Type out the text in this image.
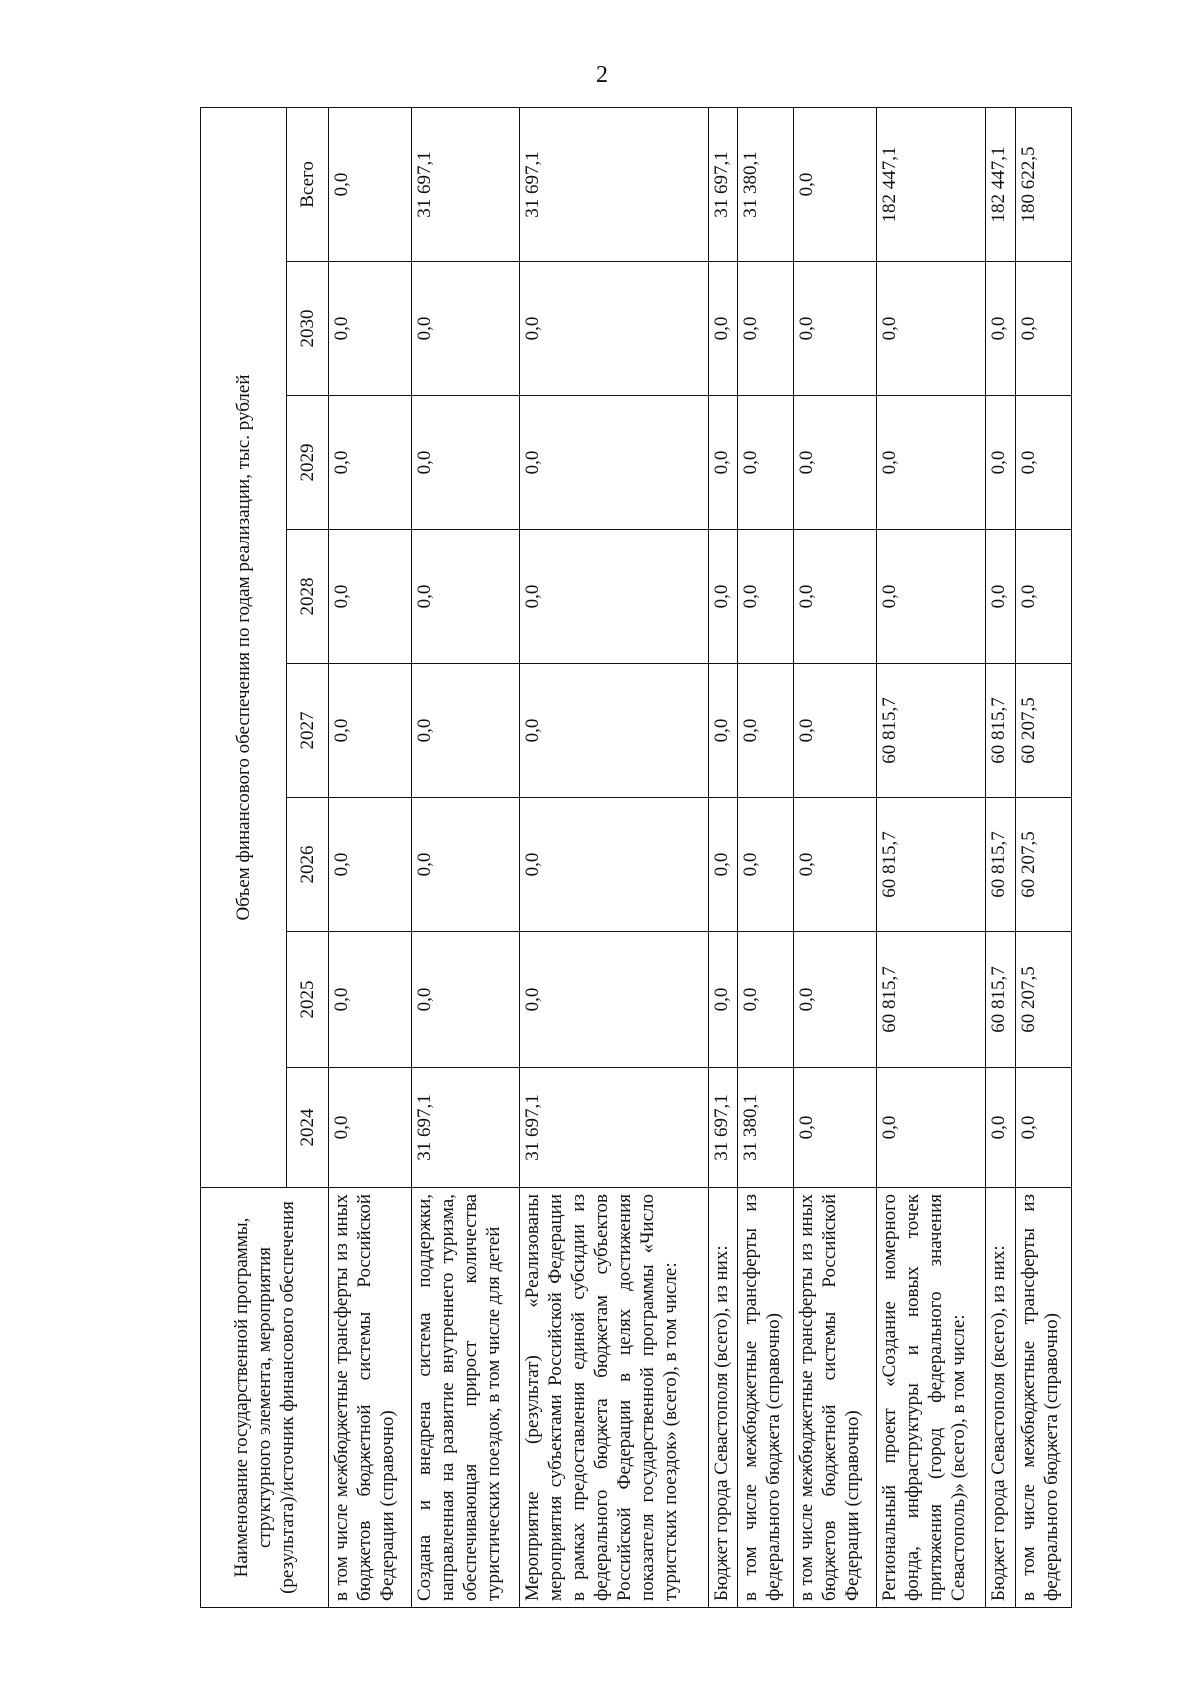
2
Наименование государственной программы, структурного элемента, мероприятия (результата)/источник финансового обеспечения	Объем финансового обеспечения по годам реализации, тыс. рублей							
	2024	2025	2026	2027	2028	2029	2030	Всего
в том числе межбюджетные трансферты из иных бюджетов бюджетной системы Российской Федерации (справочно)	0,0	0,0	0,0	0,0	0,0	0,0	0,0	0,0
Создана и внедрена система поддержки, направленная на развитие внутреннего туризма, обеспечивающая прирост количества туристических поездок, в том числе для детей	31 697,1	0,0	0,0	0,0	0,0	0,0	0,0	31 697,1
Мероприятие (результат) «Реализованы мероприятия субъектами Российской Федерации в рамках предоставления единой субсидии из федерального бюджета бюджетам субъектов Российской Федерации в целях достижения показателя государственной программы «Число туристских поездок» (всего), в том числе:	31 697,1	0,0	0,0	0,0	0,0	0,0	0,0	31 697,1
Бюджет города Севастополя (всего), из них:	31 697,1	0,0	0,0	0,0	0,0	0,0	0,0	31 697,1
в том числе межбюджетные трансферты из федерального бюджета (справочно)	31 380,1	0,0	0,0	0,0	0,0	0,0	0,0	31 380,1
в том числе межбюджетные трансферты из иных бюджетов бюджетной системы Российской Федерации (справочно)	0,0	0,0	0,0	0,0	0,0	0,0	0,0	0,0
Региональный проект «Создание номерного фонда, инфраструктуры и новых точек притяжения (город федерального значения Севастополь)» (всего), в том числе:	0,0	60 815,7	60 815,7	60 815,7	0,0	0,0	0,0	182 447,1
Бюджет города Севастополя (всего), из них:	0,0	60 815,7	60 815,7	60 815,7	0,0	0,0	0,0	182 447,1
в том числе межбюджетные трансферты из федерального бюджета (справочно)	0,0	60 207,5	60 207,5	60 207,5	0,0	0,0	0,0	180 622,5
